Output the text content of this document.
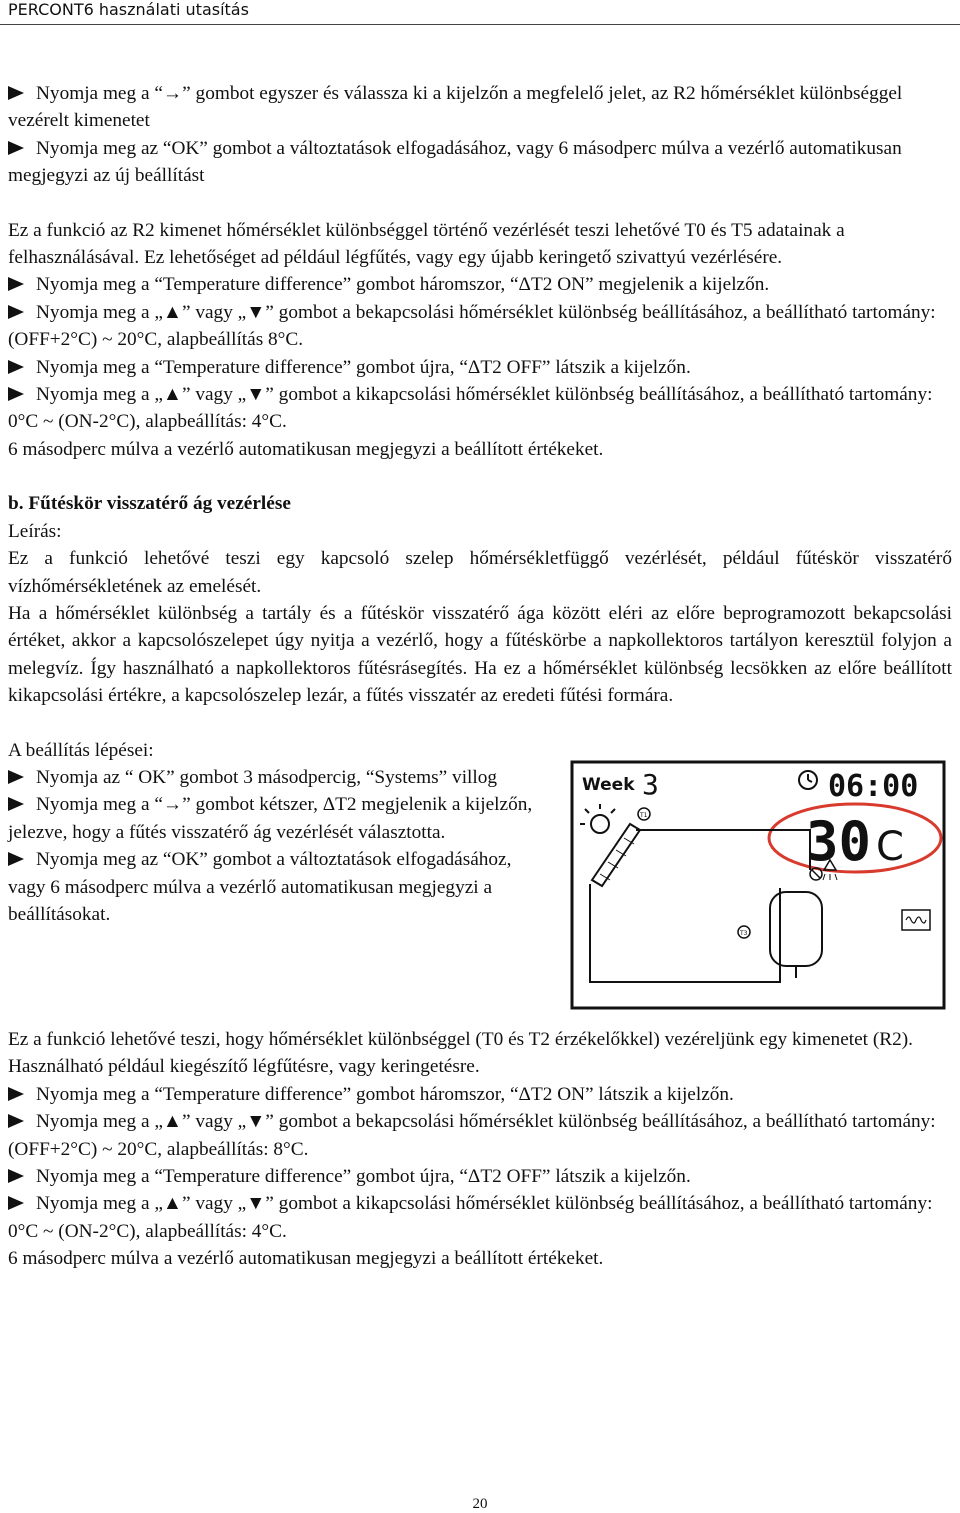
PERCONT6 használati utasítás

Nyomja meg a “→” gombot egyszer és válassza ki a kijelzőn a megfelelő jelet, az R2 hőmérséklet különbséggel vezérelt kimenetet

Nyomja meg az “OK” gombot a változtatások elfogadásához, vagy 6 másodperc múlva a vezérlő automatikusan megjegyzi az új beállítást

Ez a funkció az R2 kimenet hőmérséklet különbséggel történő vezérlését teszi lehetővé T0 és T5 adatainak a felhasználásával. Ez lehetőséget ad például légfűtés, vagy egy újabb keringető szivattyú vezérlésére.

Nyomja meg a “Temperature difference” gombot háromszor, “ΔT2 ON” megjelenik a kijelzőn.

Nyomja meg a „▲” vagy „▼” gombot a bekapcsolási hőmérséklet különbség beállításához, a beállítható tartomány: (OFF+2°C) ~ 20°C, alapbeállítás 8°C.

Nyomja meg a “Temperature difference” gombot újra, “ΔT2 OFF” látszik a kijelzőn.

Nyomja meg a „▲” vagy „▼” gombot a kikapcsolási hőmérséklet különbség beállításához, a beállítható tartomány: 0°C ~ (ON-2°C), alapbeállítás: 4°C.

6 másodperc múlva a vezérlő automatikusan megjegyzi a beállított értékeket.

b. Fűtéskör visszatérő ág vezérlése

Leírás:

Ez a funkció lehetővé teszi egy kapcsoló szelep hőmérsékletfüggő vezérlését, például fűtéskör visszatérő vízhőmérsékletének az emelését.

Ha a hőmérséklet különbség a tartály és a fűtéskör visszatérő ága között eléri az előre beprogramozott bekapcsolási értéket, akkor a kapcsolószelepet úgy nyitja a vezérlő, hogy a fűtéskörbe a napkollektoros tartályon keresztül folyjon a melegvíz. Így használható a napkollektoros fűtésrásegítés. Ha ez a hőmérséklet különbség lecsökken az előre beállított kikapcsolási értékre, a kapcsolószelep lezár, a fűtés visszatér az eredeti fűtési formára.

A beállítás lépései:

Nyomja az “ OK” gombot 3 másodpercig, “Systems” villog

Nyomja meg a “→” gombot kétszer, ΔT2 megjelenik a kijelzőn, jelezve, hogy a fűtés visszatérő ág vezérlését választotta.

Nyomja meg az “OK” gombot a változtatások elfogadásához, vagy 6 másodperc múlva a vezérlő automatikusan megjegyzi a beállításokat.

Week 3	06:00
30 C
T1
T3

Ez a funkció lehetővé teszi, hogy hőmérséklet különbséggel (T0 és T2 érzékelőkkel) vezéreljünk egy kimenetet (R2). Használható például kiegészítő légfűtésre, vagy keringetésre.

Nyomja meg a “Temperature difference” gombot háromszor, “ΔT2 ON” látszik a kijelzőn.

Nyomja meg a „▲” vagy „▼” gombot a bekapcsolási hőmérséklet különbség beállításához, a beállítható tartomány: (OFF+2°C) ~ 20°C, alapbeállítás: 8°C.

Nyomja meg a “Temperature difference” gombot újra, “ΔT2 OFF” látszik a kijelzőn.

Nyomja meg a „▲” vagy „▼” gombot a kikapcsolási hőmérséklet különbség beállításához, a beállítható tartomány: 0°C ~ (ON-2°C), alapbeállítás: 4°C.

6 másodperc múlva a vezérlő automatikusan megjegyzi a beállított értékeket.

20
